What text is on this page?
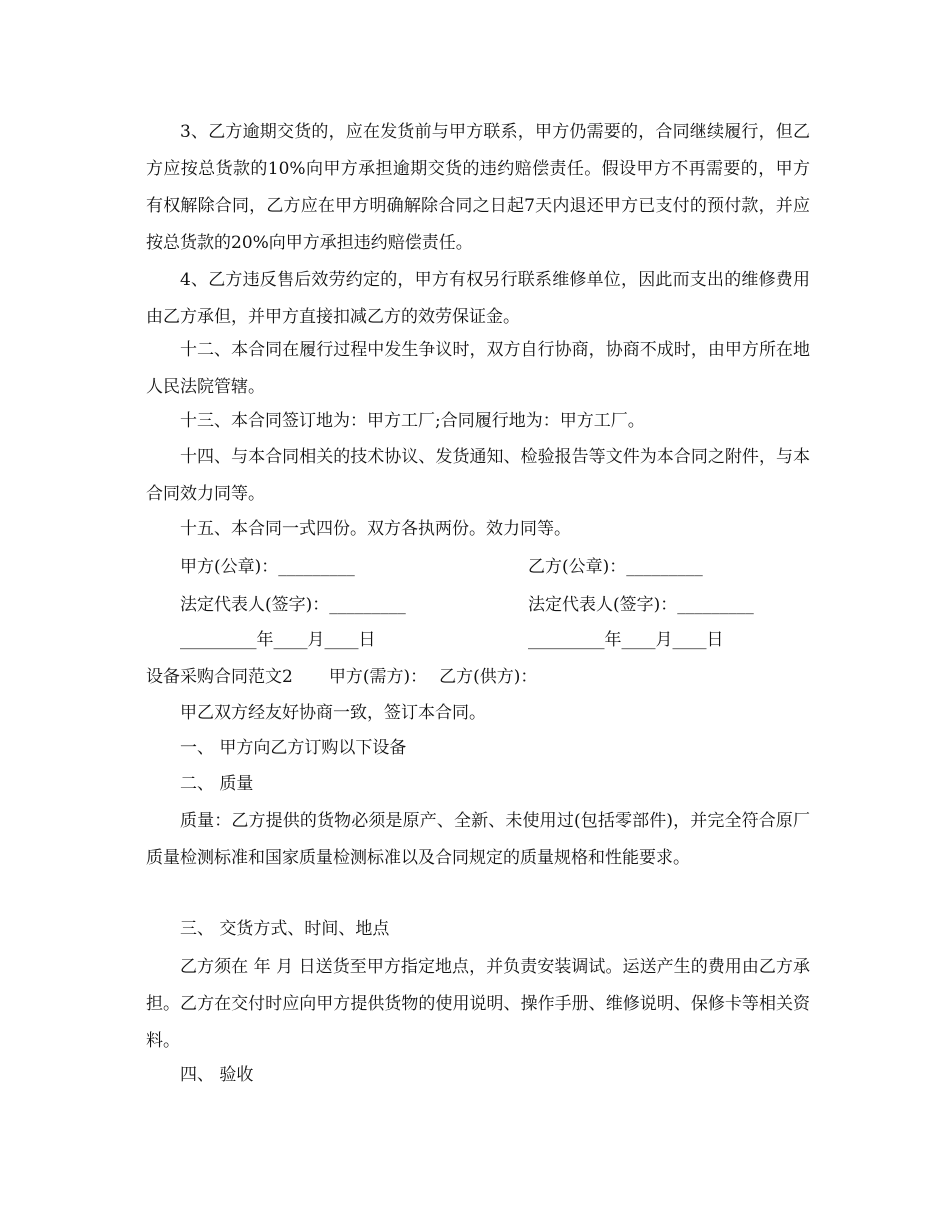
3、乙方逾期交货的，应在发货前与甲方联系，甲方仍需要的，合同继续履行，但乙方应按总货款的10%向甲方承担逾期交货的违约赔偿责任。假设甲方不再需要的，甲方有权解除合同，乙方应在甲方明确解除合同之日起7天内退还甲方已支付的预付款，并应按总货款的20%向甲方承担违约赔偿责任。

4、乙方违反售后效劳约定的，甲方有权另行联系维修单位，因此而支出的维修费用由乙方承但，并甲方直接扣减乙方的效劳保证金。

十二、本合同在履行过程中发生争议时，双方自行协商，协商不成时，由甲方所在地人民法院管辖。

十三、本合同签订地为：甲方工厂;合同履行地为：甲方工厂。

十四、与本合同相关的技术协议、发货通知、检验报告等文件为本合同之附件，与本合同效力同等。

十五、本合同一式四份。双方各执两份。效力同等。

甲方(公章)：_________	乙方(公章)：_________
法定代表人(签字)：_________	法定代表人(签字)：_________
_________年____月____日	_________年____月____日
设备采购合同范文2 甲方(需方)： 乙方(供方)：
甲乙双方经友好协商一致，签订本合同。
一、 甲方向乙方订购以下设备
二、 质量

质量：乙方提供的货物必须是原产、全新、未使用过(包括零部件)，并完全符合原厂质量检测标准和国家质量检测标准以及合同规定的质量规格和性能要求。

三、 交货方式、时间、地点

乙方须在 年 月 日送货至甲方指定地点，并负责安装调试。运送产生的费用由乙方承担。乙方在交付时应向甲方提供货物的使用说明、操作手册、维修说明、保修卡等相关资料。

四、 验收
